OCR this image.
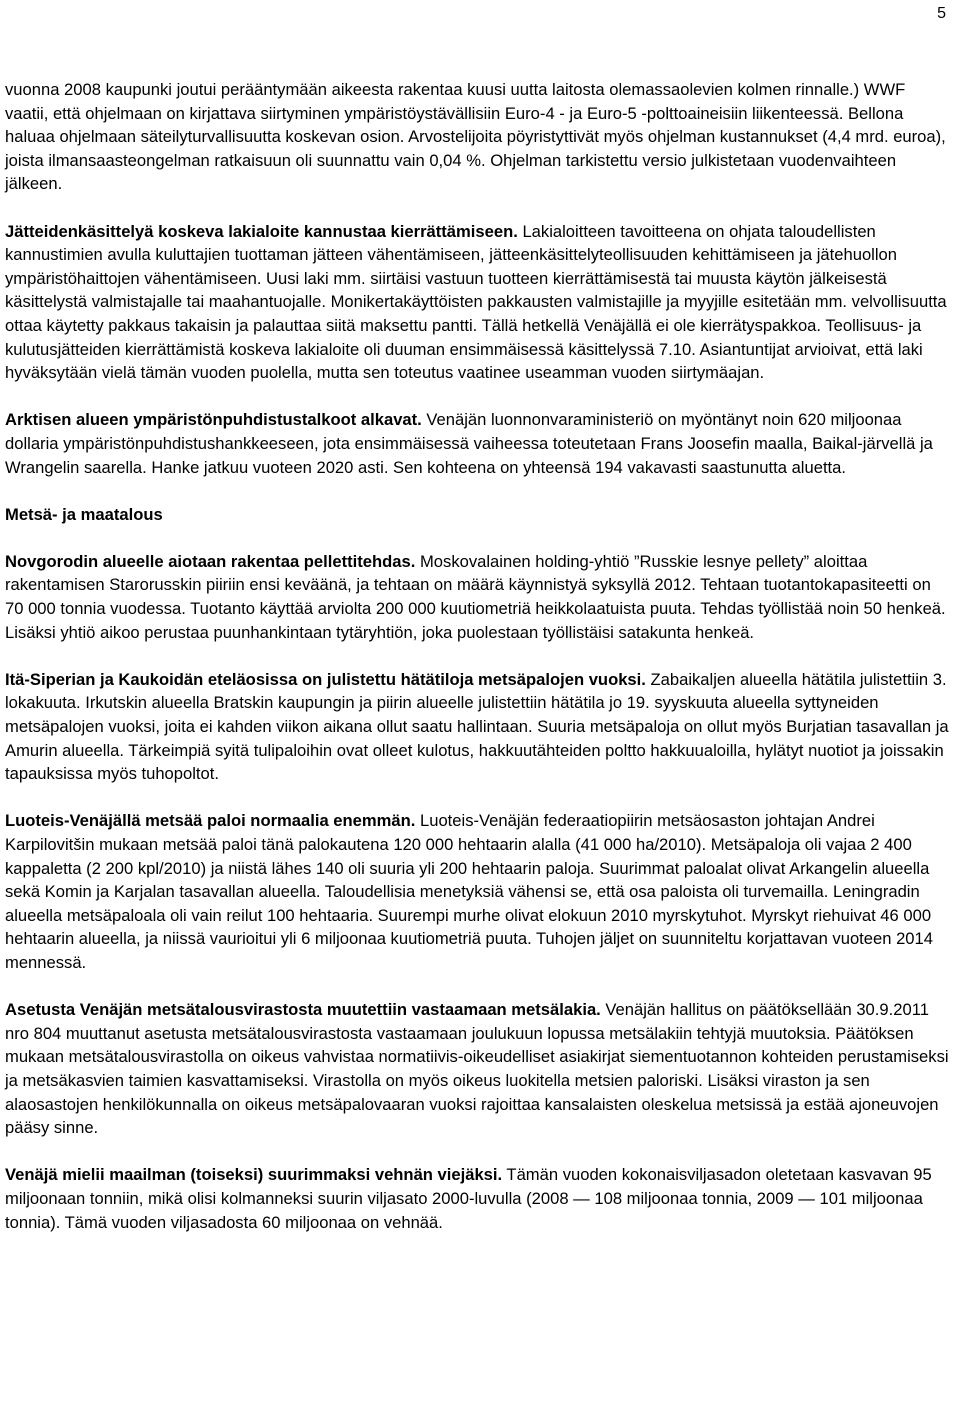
5

vuonna 2008 kaupunki joutui perääntymään aikeesta rakentaa kuusi uutta laitosta olemassaolevien kolmen rinnalle.) WWF vaatii, että ohjelmaan on kirjattava siirtyminen ympäristöystävällisiin Euro-4 - ja Euro-5 -polttoaineisiin liikenteessä. Bellona haluaa ohjelmaan säteilyturvallisuutta koskevan osion. Arvostelijoita pöyristyttivät myös ohjelman kustannukset (4,4 mrd. euroa), joista ilmansaasteongelman ratkaisuun oli suunnattu vain 0,04 %. Ohjelman tarkistettu versio julkistetaan vuodenvaihteen jälkeen.

Jätteidenkäsittelyä koskeva lakialoite kannustaa kierrättämiseen. Lakialoitteen tavoitteena on ohjata taloudellisten kannustimien avulla kuluttajien tuottaman jätteen vähentämiseen, jätteenkäsittelyteollisuuden kehittämiseen ja jätehuollon ympäristöhaittojen vähentämiseen. Uusi laki mm. siirtäisi vastuun tuotteen kierrättämisestä tai muusta käytön jälkeisestä käsittelystä valmistajalle tai maahantuojalle. Monikertakäyttöisten pakkausten valmistajille ja myyjille esitetään mm. velvollisuutta ottaa käytetty pakkaus takaisin ja palauttaa siitä maksettu pantti. Tällä hetkellä Venäjällä ei ole kierrätyspakkoa. Teollisuus- ja kulutusjätteiden kierrättämistä koskeva lakialoite oli duuman ensimmäisessä käsittelyssä 7.10. Asiantuntijat arvioivat, että laki hyväksytään vielä tämän vuoden puolella, mutta sen toteutus vaatinee useamman vuoden siirtymäajan.

Arktisen alueen ympäristönpuhdistustalkoot alkavat. Venäjän luonnonvaraministeriö on myöntänyt noin 620 miljoonaa dollaria ympäristönpuhdistushankkeeseen, jota ensimmäisessä vaiheessa toteutetaan Frans Joosefin maalla, Baikal-järvellä ja Wrangelin saarella. Hanke jatkuu vuoteen 2020 asti. Sen kohteena on yhteensä 194 vakavasti saastunutta aluetta.

Metsä- ja maatalous

Novgorodin alueelle aiotaan rakentaa pellettitehdas. Moskovalainen holding-yhtiö ”Russkie lesnye pellety” aloittaa rakentamisen Starorusskin piiriin ensi keväänä, ja tehtaan on määrä käynnistyä syksyllä 2012. Tehtaan tuotantokapasiteetti on 70 000 tonnia vuodessa. Tuotanto käyttää arviolta 200 000 kuutiometriä heikkolaatuista puuta. Tehdas työllistää noin 50 henkeä. Lisäksi yhtiö aikoo perustaa puunhankintaan tytäryhtiön, joka puolestaan työllistäisi satakunta henkeä.

Itä-Siperian ja Kaukoidän eteläosissa on julistettu hätätiloja metsäpalojen vuoksi. Zabaikaljen alueella hätätila julistettiin 3. lokakuuta. Irkutskin alueella Bratskin kaupungin ja piirin alueelle julistettiin hätätila jo 19. syyskuuta alueella syttyneiden metsäpalojen vuoksi, joita ei kahden viikon aikana ollut saatu hallintaan. Suuria metsäpaloja on ollut myös Burjatian tasavallan ja Amurin alueella. Tärkeimpiä syitä tulipaloihin ovat olleet kulotus, hakkuutähteiden poltto hakkuualoilla, hylätyt nuotiot ja joissakin tapauksissa myös tuhopoltot.

Luoteis-Venäjällä metsää paloi normaalia enemmän. Luoteis-Venäjän federaatiopiirin metsäosaston johtajan Andrei Karpilovitšin mukaan metsää paloi tänä palokautena 120 000 hehtaarin alalla (41 000 ha/2010). Metsäpaloja oli vajaa 2 400 kappaletta (2 200 kpl/2010) ja niistä lähes 140 oli suuria yli 200 hehtaarin paloja. Suurimmat paloalat olivat Arkangelin alueella sekä Komin ja Karjalan tasavallan alueella. Taloudellisia menetyksiä vähensi se, että osa paloista oli turvemailla. Leningradin alueella metsäpaloala oli vain reilut 100 hehtaaria. Suurempi murhe olivat elokuun 2010 myrskytuhot. Myrskyt riehuivat 46 000 hehtaarin alueella, ja niissä vaurioitui yli 6 miljoonaa kuutiometriä puuta. Tuhojen jäljet on suunniteltu korjattavan vuoteen 2014 mennessä.

Asetusta Venäjän metsätalousvirastosta muutettiin vastaamaan metsälakia. Venäjän hallitus on päätöksellään 30.9.2011 nro 804 muuttanut asetusta metsätalousvirastosta vastaamaan joulukuun lopussa metsälakiin tehtyjä muutoksia. Päätöksen mukaan metsätalousvirastolla on oikeus vahvistaa normatiivis-oikeudelliset asiakirjat siementuotannon kohteiden perustamiseksi ja metsäkasvien taimien kasvattamiseksi. Virastolla on myös oikeus luokitella metsien paloriski. Lisäksi viraston ja sen alaosastojen henkilökunnalla on oikeus metsäpalovaaran vuoksi rajoittaa kansalaisten oleskelua metsissä ja estää ajoneuvojen pääsy sinne.

Venäjä mielii maailman (toiseksi) suurimmaksi vehnän viejäksi. Tämän vuoden kokonaisviljasadon oletetaan kasvavan 95 miljoonaan tonniin, mikä olisi kolmanneksi suurin viljasato 2000-luvulla (2008 — 108 miljoonaa tonnia, 2009 — 101 miljoonaa tonnia). Tämä vuoden viljasadosta 60 miljoonaa on vehnää.
